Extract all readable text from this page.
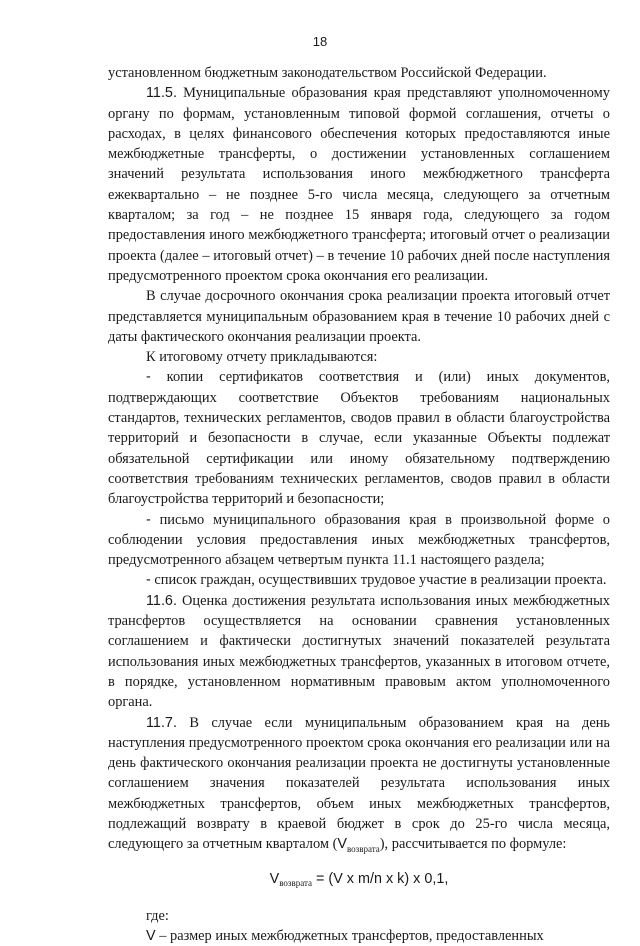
18

установленном бюджетным законодательством Российской Федерации.

11.5. Муниципальные образования края представляют уполномоченному органу по формам, установленным типовой формой соглашения, отчеты о расходах, в целях финансового обеспечения которых предоставляются иные межбюджетные трансферты, о достижении установленных соглашением значений результата использования иного межбюджетного трансферта ежеквартально – не позднее 5-го числа месяца, следующего за отчетным кварталом; за год – не позднее 15 января года, следующего за годом предоставления иного межбюджетного трансферта; итоговый отчет о реализации проекта (далее – итоговый отчет) – в течение 10 рабочих дней после наступления предусмотренного проектом срока окончания его реализации.

В случае досрочного окончания срока реализации проекта итоговый отчет представляется муниципальным образованием края в течение 10 рабочих дней с даты фактического окончания реализации проекта.

К итоговому отчету прикладываются:

- копии сертификатов соответствия и (или) иных документов, подтверждающих соответствие Объектов требованиям национальных стандартов, технических регламентов, сводов правил в области благоустройства территорий и безопасности в случае, если указанные Объекты подлежат обязательной сертификации или иному обязательному подтверждению соответствия требованиям технических регламентов, сводов правил в области благоустройства территорий и безопасности;

- письмо муниципального образования края в произвольной форме о соблюдении условия предоставления иных межбюджетных трансфертов, предусмотренного абзацем четвертым пункта 11.1 настоящего раздела;

- список граждан, осуществивших трудовое участие в реализации проекта.

11.6. Оценка достижения результата использования иных межбюджетных трансфертов осуществляется на основании сравнения установленных соглашением и фактически достигнутых значений показателей результата использования иных межбюджетных трансфертов, указанных в итоговом отчете, в порядке, установленном нормативным правовым актом уполномоченного органа.

11.7. В случае если муниципальным образованием края на день наступления предусмотренного проектом срока окончания его реализации или на день фактического окончания реализации проекта не достигнуты установленные соглашением значения показателей результата использования иных межбюджетных трансфертов, объем иных межбюджетных трансфертов, подлежащий возврату в краевой бюджет в срок до 25-го числа месяца, следующего за отчетным кварталом $(V_{возврата})$, рассчитывается по формуле:

$V_{возврата} = (V$ x m/n x k) x 0,1,

где:

V – размер иных межбюджетных трансфертов, предоставленных
